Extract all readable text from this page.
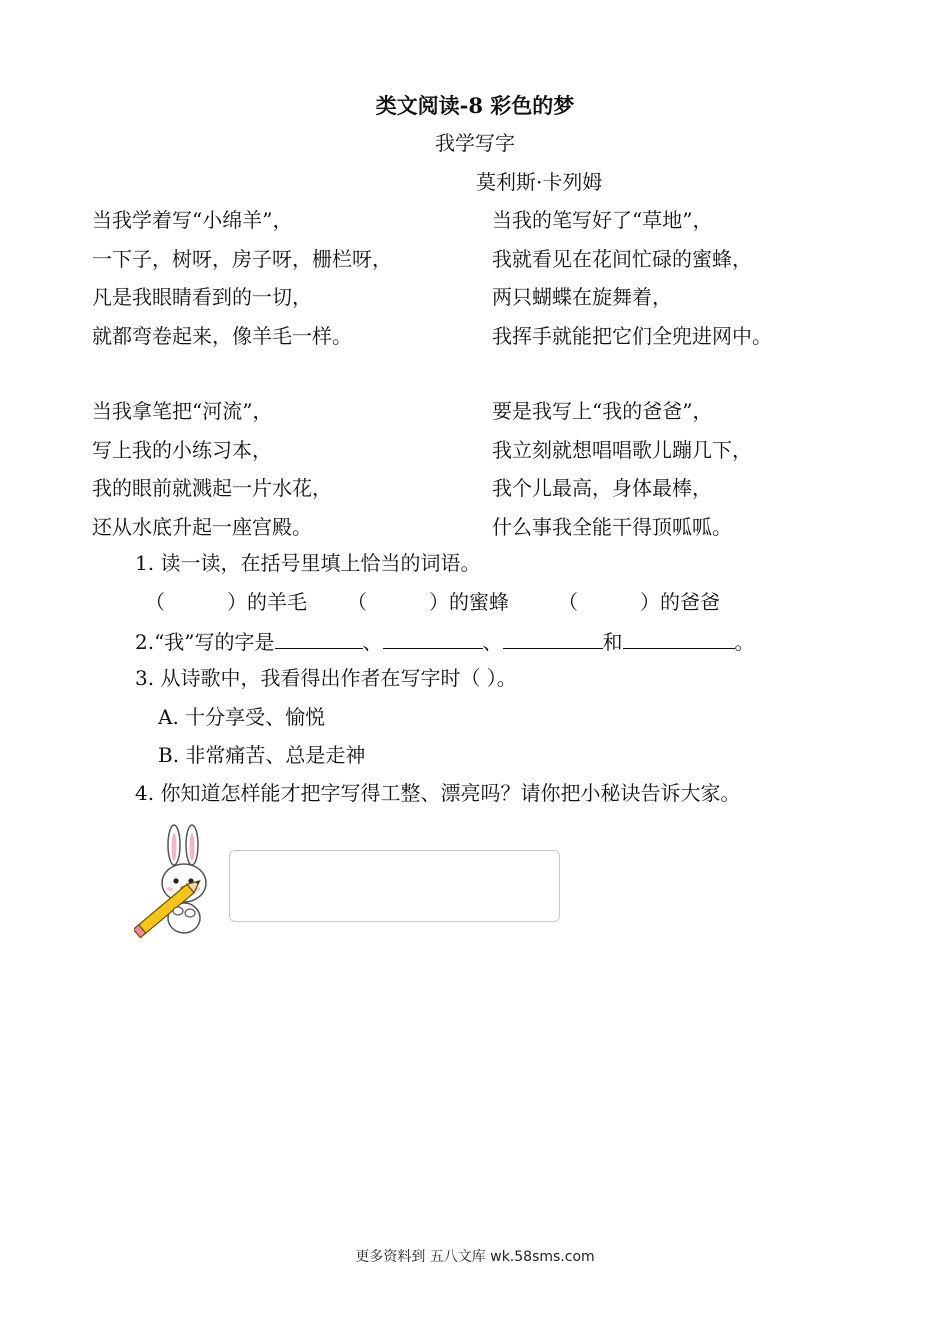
类文阅读-8 彩色的梦
我学写字
莫利斯·卡列姆
当我学着写“小绵羊”，
一下子，树呀，房子呀，栅栏呀，
凡是我眼睛看到的一切，
就都弯卷起来，像羊毛一样。
当我的笔写好了“草地”，
我就看见在花间忙碌的蜜蜂，
两只蝴蝶在旋舞着，
我挥手就能把它们全兜进网中。
当我拿笔把“河流”，
写上我的小练习本，
我的眼前就溅起一片水花，
还从水底升起一座宫殿。
要是我写上“我的爸爸”，
我立刻就想唱唱歌儿蹦几下，
我个儿最高，身体最棒，
什么事我全能干得顶呱呱。
1. 读一读，在括号里填上恰当的词语。
（	）的羊毛 （	）的蜜蜂 （	）的爸爸
2.“我”写的字是	、	、	和	。
3. 从诗歌中，我看得出作者在写字时（ ）。
A. 十分享受、愉悦
B. 非常痛苦、总是走神
4. 你知道怎样能才把字写得工整、漂亮吗？请你把小秘诀告诉大家。
更多资料到 五八文库 wk.58sms.com
